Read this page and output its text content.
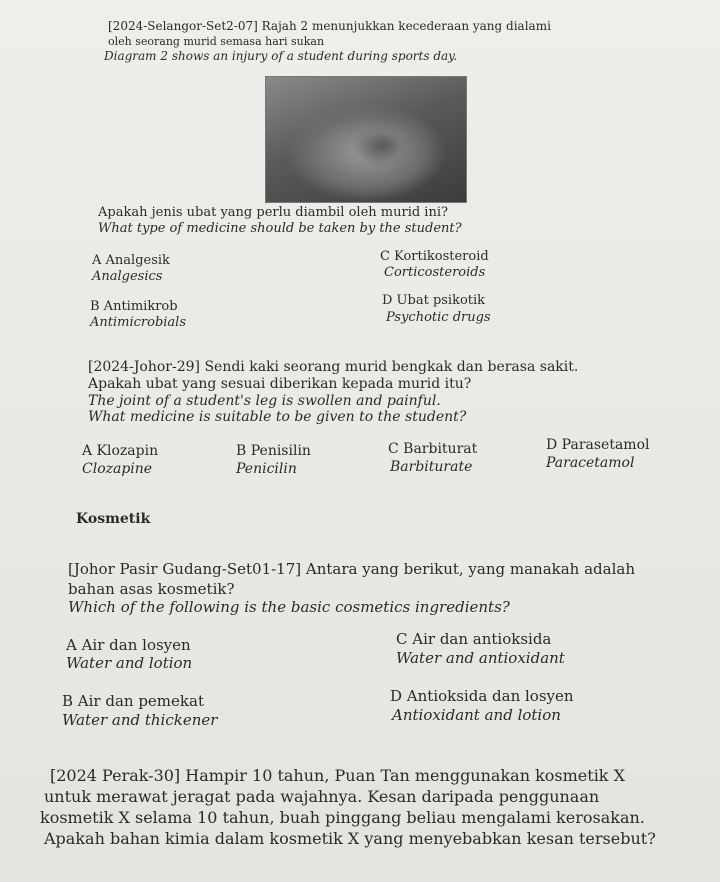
[2024-Selangor-Set2-07] Rajah 2 menunjukkan kecederaan yang dialami
oleh seorang murid semasa hari sukan
Diagram 2 shows an injury of a student during sports day.
Apakah jenis ubat yang perlu diambil oleh murid ini?
What type of medicine should be taken by the student?
A Analgesik
Analgesics
C Kortikosteroid
Corticosteroids
B Antimikrob
Antimicrobials
D Ubat psikotik
Psychotic drugs
[2024-Johor-29] Sendi kaki seorang murid bengkak dan berasa sakit.
Apakah ubat yang sesuai diberikan kepada murid itu?
The joint of a student's leg is swollen and painful.
What medicine is suitable to be given to the student?
A Klozapin
Clozapine
B Penisilin
Penicilin
C Barbiturat
Barbiturate
D Parasetamol
Paracetamol
Kosmetik
[Johor Pasir Gudang-Set01-17] Antara yang berikut, yang manakah adalah
bahan asas kosmetik?
Which of the following is the basic cosmetics ingredients?
A Air dan losyen
Water and lotion
C Air dan antioksida
Water and antioxidant
B Air dan pemekat
Water and thickener
D Antioksida dan losyen
Antioxidant and lotion
[2024 Perak-30] Hampir 10 tahun, Puan Tan menggunakan kosmetik X
untuk merawat jeragat pada wajahnya. Kesan daripada penggunaan
kosmetik X selama 10 tahun, buah pinggang beliau mengalami kerosakan.
Apakah bahan kimia dalam kosmetik X yang menyebabkan kesan tersebut?
